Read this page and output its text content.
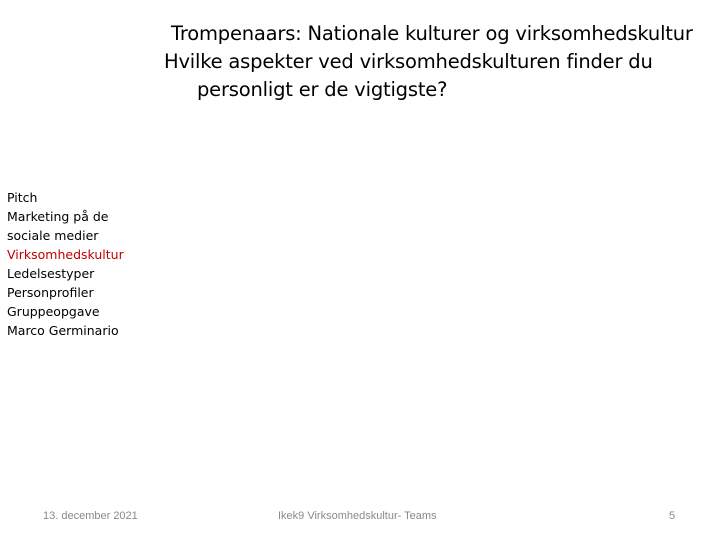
Trompenaars: Nationale kulturer og virksomhedskultur
Hvilke aspekter ved virksomhedskulturen finder du
personligt er de vigtigste?
Pitch
Marketing på de
sociale medier
Virksomhedskultur
Ledelsestyper
Personprofiler
Gruppeopgave
Marco Germinario
13. december 2021	Ikek9 Virksomhedskultur- Teams	5
